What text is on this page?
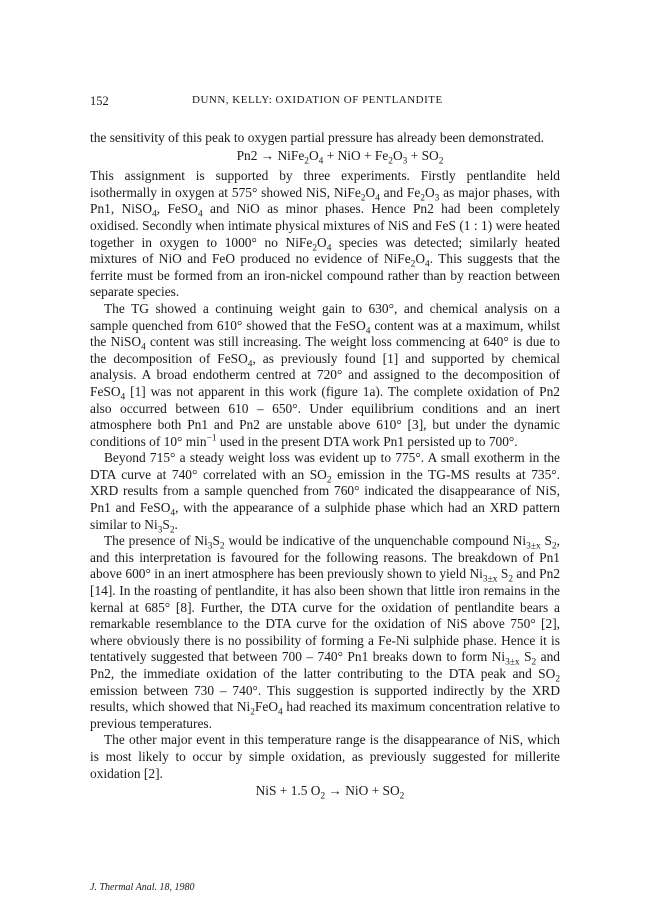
152	DUNN, KELLY: OXIDATION OF PENTLANDITE

the sensitivity of this peak to oxygen partial pressure has already been demonstrated.

$Pn2 \to NiFe_2O_4$ + NiO + $Fe_2O_3 + SO_2$

This assignment is supported by three experiments. Firstly pentlandite held isothermally in oxygen at 575° showed NiS, $NiFe_2O_4$ and $Fe_2O_3$ as major phases, with Pn1, NiSO$_4$, FeSO$_4$ and NiO as minor phases. Hence Pn2 had been completely oxidised. Secondly when intimate physical mixtures of NiS and FeS (1 : 1) were heated together in oxygen to 1000° no $NiFe_2O_4$ species was detected; similarly heated mixtures of NiO and FeO produced no evidence of $NiFe_2O_4$. This suggests that the ferrite must be formed from an iron-nickel compound rather than by reaction between separate species.

The TG showed a continuing weight gain to 630°, and chemical analysis on a sample quenched from 610° showed that the FeSO$_4$ content was at a maximum, whilst the NiSO$_4$ content was still increasing. The weight loss commencing at 640° is due to the decomposition of FeSO$_4$, as previously found [1] and supported by chemical analysis. A broad endotherm centred at 720° and assigned to the decomposition of FeSO$_4$ [1] was not apparent in this work (figure 1a). The complete oxidation of Pn2 also occurred between 610 – 650°. Under equilibrium conditions and an inert atmosphere both Pn1 and Pn2 are unstable above 610° [3], but under the dynamic conditions of 10° $\min^{-1}$ used in the present DTA work Pn1 persisted up to 700°.

Beyond 715° a steady weight loss was evident up to 775°. A small exotherm in the DTA curve at 740° correlated with an $SO_2$ emission in the TG-MS results at 735°. XRD results from a sample quenched from 760° indicated the disappearance of NiS, Pn1 and FeSO$_4$, with the appearance of a sulphide phase which had an XRD pattern similar to $Ni_3S_2$.

The presence of $Ni_3S_2$ would be indicative of the unquenchable compound $Ni_{3\pm x}$ $S_2$, and this interpretation is favoured for the following reasons. The breakdown of Pn1 above 600° in an inert atmosphere has been previously shown to yield $Ni_{3\pm x}$ $S_2$ and Pn2 [14]. In the roasting of pentlandite, it has also been shown that little iron remains in the kernal at 685° [8]. Further, the DTA curve for the oxidation of pentlandite bears a remarkable resemblance to the DTA curve for the oxidation of NiS above 750° [2], where obviously there is no possibility of forming a Fe-Ni sulphide phase. Hence it is tentatively suggested that between 700 – 740° Pn1 breaks down to form $Ni_{3\pm x}$ $S_2$ and Pn2, the immediate oxidation of the latter contributing to the DTA peak and $SO_2$ emission between 730 – 740°. This suggestion is supported indirectly by the XRD results, which showed that $Ni_2FeO_4$ had reached its maximum concentration relative to previous temperatures.

The other major event in this temperature range is the disappearance of NiS, which is most likely to occur by simple oxidation, as previously suggested for millerite oxidation [2].

NiS + 1.5 $O_2$ → NiO + $SO_2$
J. Thermal Anal. 18, 1980
